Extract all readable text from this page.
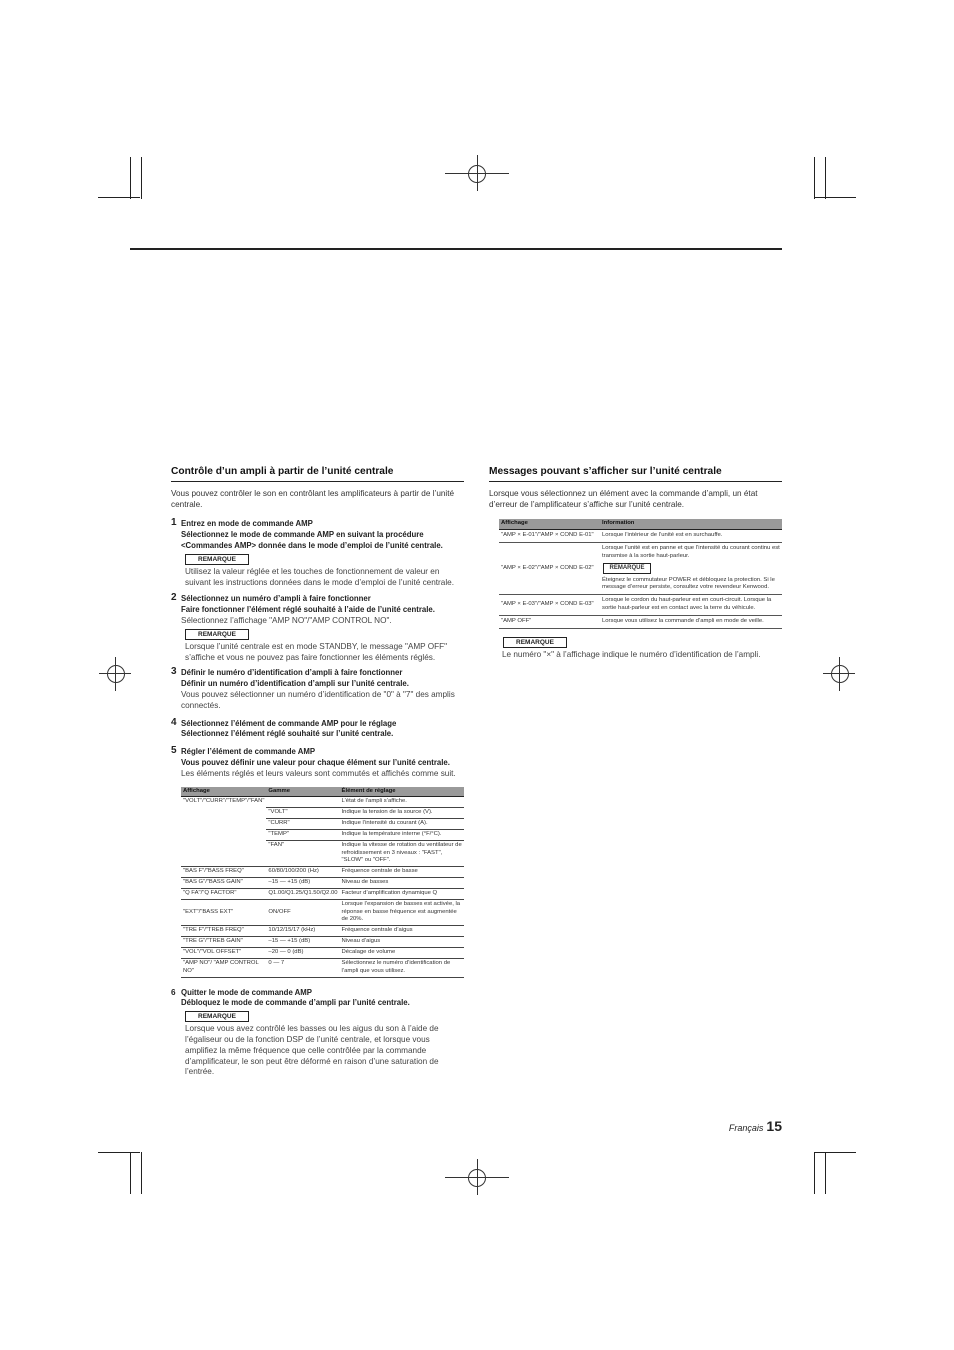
Contrôle d’un ampli à partir de l’unité centrale

Vous pouvez contrôler le son en contrôlant les amplificateurs à partir de l’unité centrale.

1 Entrez en mode de commande AMP
Sélectionnez le mode de commande AMP en suivant la procédure <Commandes AMP> donnée dans le mode d’emploi de l’unité centrale.
REMARQUE
Utilisez la valeur réglée et les touches de fonctionnement de valeur en suivant les instructions données dans le mode d’emploi de l’unité centrale.
2 Sélectionnez un numéro d’ampli à faire fonctionner
Faire fonctionner l’élément réglé souhaité à l’aide de l’unité centrale.
Sélectionnez l’affichage "AMP NO"/"AMP CONTROL NO".
REMARQUE
Lorsque l’unité centrale est en mode STANDBY, le message "AMP OFF" s’affiche et vous ne pouvez pas faire fonctionner les éléments réglés.
3 Définir le numéro d’identification d’ampli à faire fonctionner
Définir un numéro d’identification d’ampli sur l’unité centrale.
Vous pouvez sélectionner un numéro d’identification de "0" à "7" des amplis connectés.
4 Sélectionnez l’élément de commande AMP pour le réglage
Sélectionnez l’élément réglé souhaité sur l’unité centrale.
5 Régler l’élément de commande AMP
Vous pouvez définir une valeur pour chaque élément sur l’unité centrale.
Les éléments réglés et leurs valeurs sont commutés et affichés comme suit.
Affichage	Gamme	Élément de réglage
"VOLT"/"CURR"/"TEMP"/"FAN"		L’état de l’ampli s’affiche.
	"VOLT"	Indique la tension de la source (V).
	"CURR"	Indique l’intensité du courant (A).
	"TEMP"	Indique la température interne (°F/°C).
	"FAN"	Indique la vitesse de rotation du ventilateur de refroidissement en 3 niveaux : "FAST", "SLOW" ou "OFF".
"BAS F"/"BASS FREQ"	60/80/100/200 (Hz)	Fréquence centrale de basse
"BAS G"/"BASS GAIN"	–15 — +15 (dB)	Niveau de basses
"Q FA"/"Q FACTOR"	Q1.00/Q1.25/Q1.50/Q2.00	Facteur d’amplification dynamique Q
"EXT"/"BASS EXT"	ON/OFF	Lorsque l’expansion de basses est activée, la réponse en basse fréquence est augmentée de 20%.
"TRE F"/"TREB FREQ"	10/12/15/17 (kHz)	Fréquence centrale d’aigus
"TRE G"/"TREB GAIN"	–15 — +15 (dB)	Niveau d’aigus
"VOL"/"VOL OFFSET"	–20 — 0 (dB)	Décalage de volume
"AMP NO"/ "AMP CONTROL NO"	0 — 7	Sélectionnez le numéro d’identification de l’ampli que vous utilisez.
6 Quitter le mode de commande AMP
Débloquez le mode de commande d’ampli par l’unité centrale.
REMARQUE
Lorsque vous avez contrôlé les basses ou les aigus du son à l’aide de l’égaliseur ou de la fonction DSP de l’unité centrale, et lorsque vous amplifiez la même fréquence que celle contrôlée par la commande d’amplificateur, le son peut être déformé en raison d’une saturation de l’entrée.
Messages pouvant s’afficher sur l’unité centrale

Lorsque vous sélectionnez un élément avec la commande d’ampli, un état d’erreur de l’amplificateur s’affiche sur l’unité centrale.

Affichage	Information
"AMP × E-01"/"AMP × COND E-01"	Lorsque l’intérieur de l’unité est en surchauffe.
"AMP × E-02"/"AMP × COND E-02"	Lorsque l’unité est en panne et que l’intensité du courant continu est transmise à la sortie haut-parleur.
REMARQUE
Éteignez le commutateur POWER et débloquez la protection. Si le message d’erreur persiste, consultez votre revendeur Kenwood.

"AMP × E-03"/"AMP × COND E-03"	Lorsque le cordon du haut-parleur est en court-circuit. Lorsque la sortie haut-parleur est en contact avec la terre du véhicule.
"AMP OFF"	Lorsque vous utilisez la commande d’ampli en mode de veille.
REMARQUE
Le numéro "×" à l’affichage indique le numéro d’identification de l’ampli.
Français 15
